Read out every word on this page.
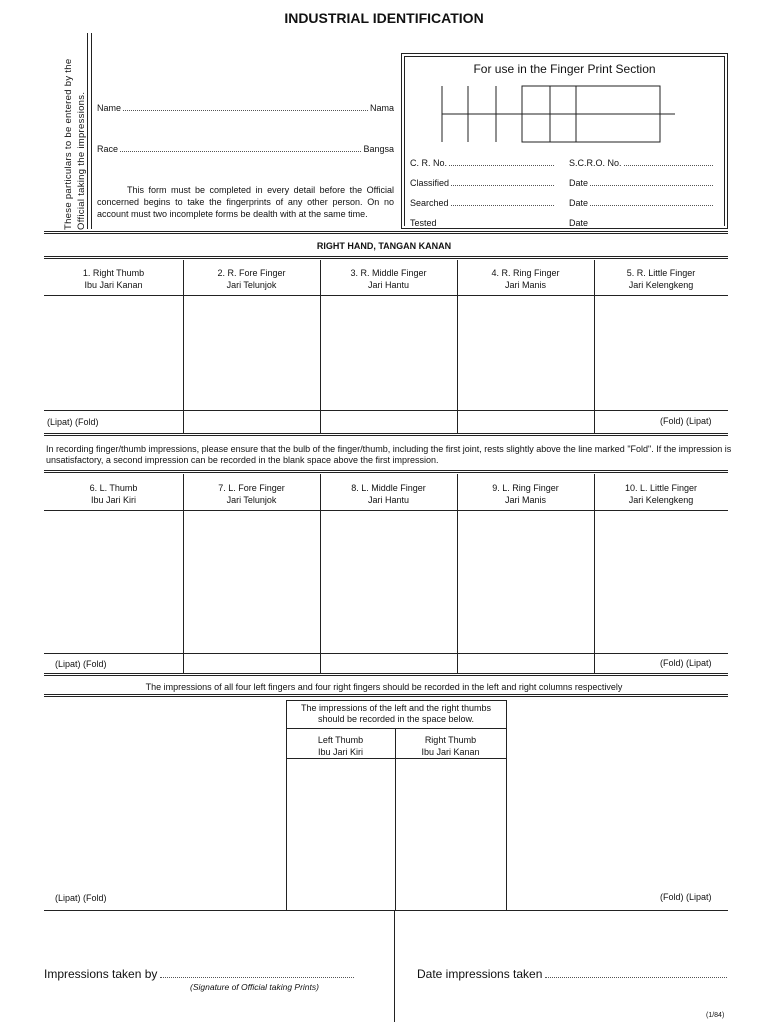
INDUSTRIAL IDENTIFICATION
These particulars to be entered by the Official taking the impressions.	Name	Nama
Race	Bangsa
This form must be completed in every detail before the Official concerned begins to take the fingerprints of any other person. On no account must two incomplete forms be dealth with at the same time.
For use in the Finger Print Section
C. R. No.	S.C.R.O. No.
Classified	Date
Searched	Date
Tested	Date
RIGHT HAND, TANGAN KANAN
1. Right Thumb
Ibu Jari Kanan
2. R. Fore Finger
Jari Telunjok
3. R. Middle Finger
Jari Hantu
4. R. Ring Finger
Jari Manis
5. R. Little Finger
Jari Kelengkeng
(Lipat) (Fold)	(Fold) (Lipat)
In recording finger/thumb impressions, please ensure that the bulb of the finger/thumb, including the first joint, rests slightly above the line marked "Fold". If the impression is unsatisfactory, a second impression can be recorded in the blank space above the first impression.
6. L. Thumb
Ibu Jari Kiri
7. L. Fore Finger
Jari Telunjok
8. L. Middle Finger
Jari Hantu
9. L. Ring Finger
Jari Manis
10. L. Little Finger
Jari Kelengkeng
(Lipat) (Fold)	(Fold) (Lipat)
The impressions of all four left fingers and four right fingers should be recorded in the left and right columns respectively
The impressions of the left and the right thumbs should be recorded in the space below.
Left Thumb
Ibu Jari Kiri
Right Thumb
Ibu Jari Kanan
(Lipat) (Fold)	(Fold) (Lipat)
Impressions taken by
(Signature of Official taking Prints)
Date impressions taken
(1/84)
